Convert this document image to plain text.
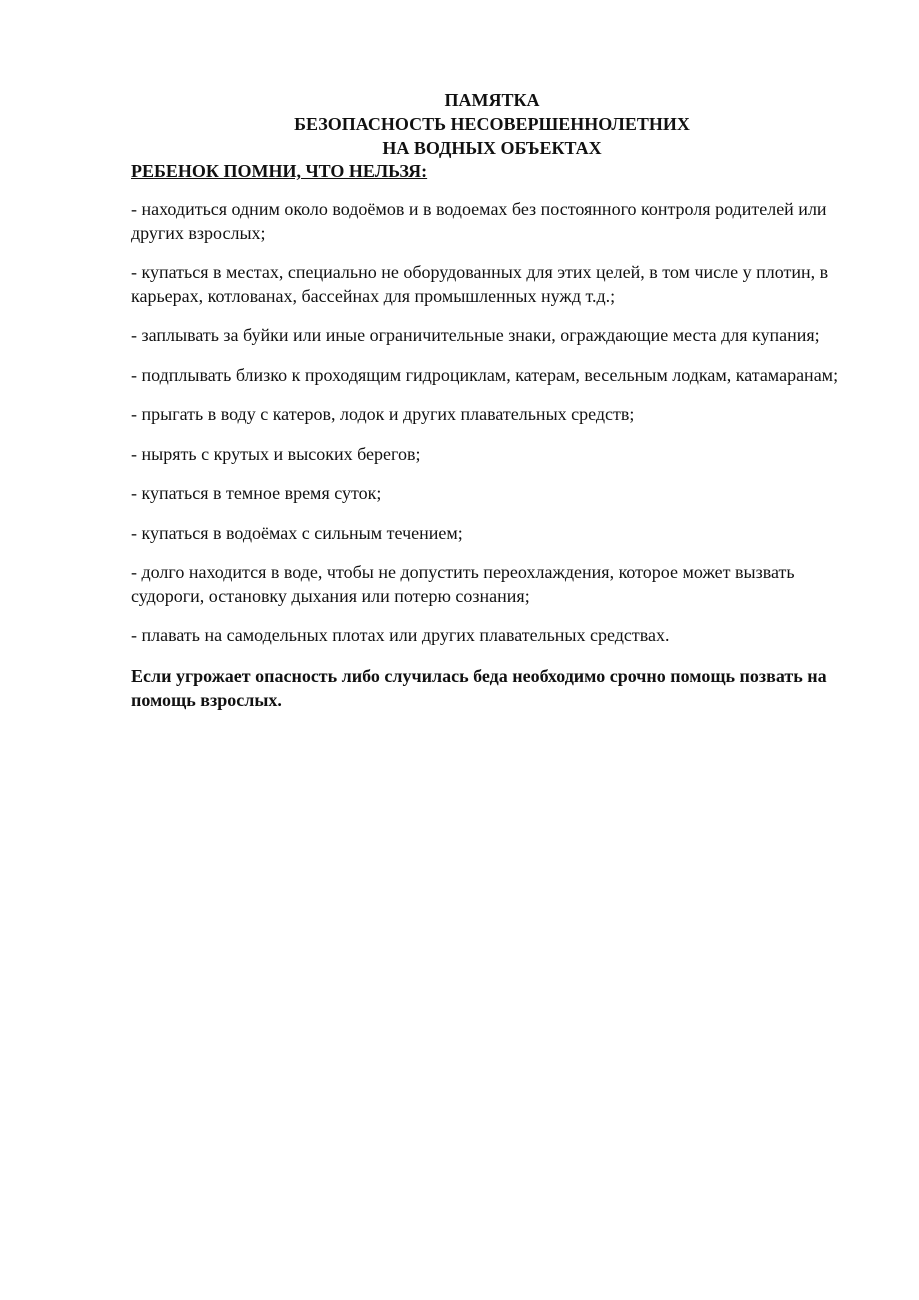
ПАМЯТКА
БЕЗОПАСНОСТЬ НЕСОВЕРШЕННОЛЕТНИХ
НА ВОДНЫХ ОБЪЕКТАХ
РЕБЕНОК ПОМНИ, ЧТО НЕЛЬЗЯ:
- находиться одним около водоёмов и в водоемах без постоянного контроля родителей или других взрослых;
- купаться в местах, специально не оборудованных для этих целей, в том числе у плотин, в карьерах, котлованах, бассейнах для промышленных нужд т.д.;
- заплывать за буйки или иные ограничительные знаки, ограждающие места для купания;
- подплывать близко к проходящим гидроциклам, катерам, весельным лодкам, катамаранам;
- прыгать в воду с катеров, лодок и других плавательных средств;
- нырять с крутых и высоких берегов;
- купаться в темное время суток;
- купаться в водоёмах с сильным течением;
- долго находится в воде, чтобы не допустить переохлаждения, которое может вызвать судороги, остановку дыхания или потерю сознания;
- плавать на самодельных плотах или других плавательных средствах.

Если угрожает опасность либо случилась беда необходимо срочно помощь позвать на помощь взрослых.
